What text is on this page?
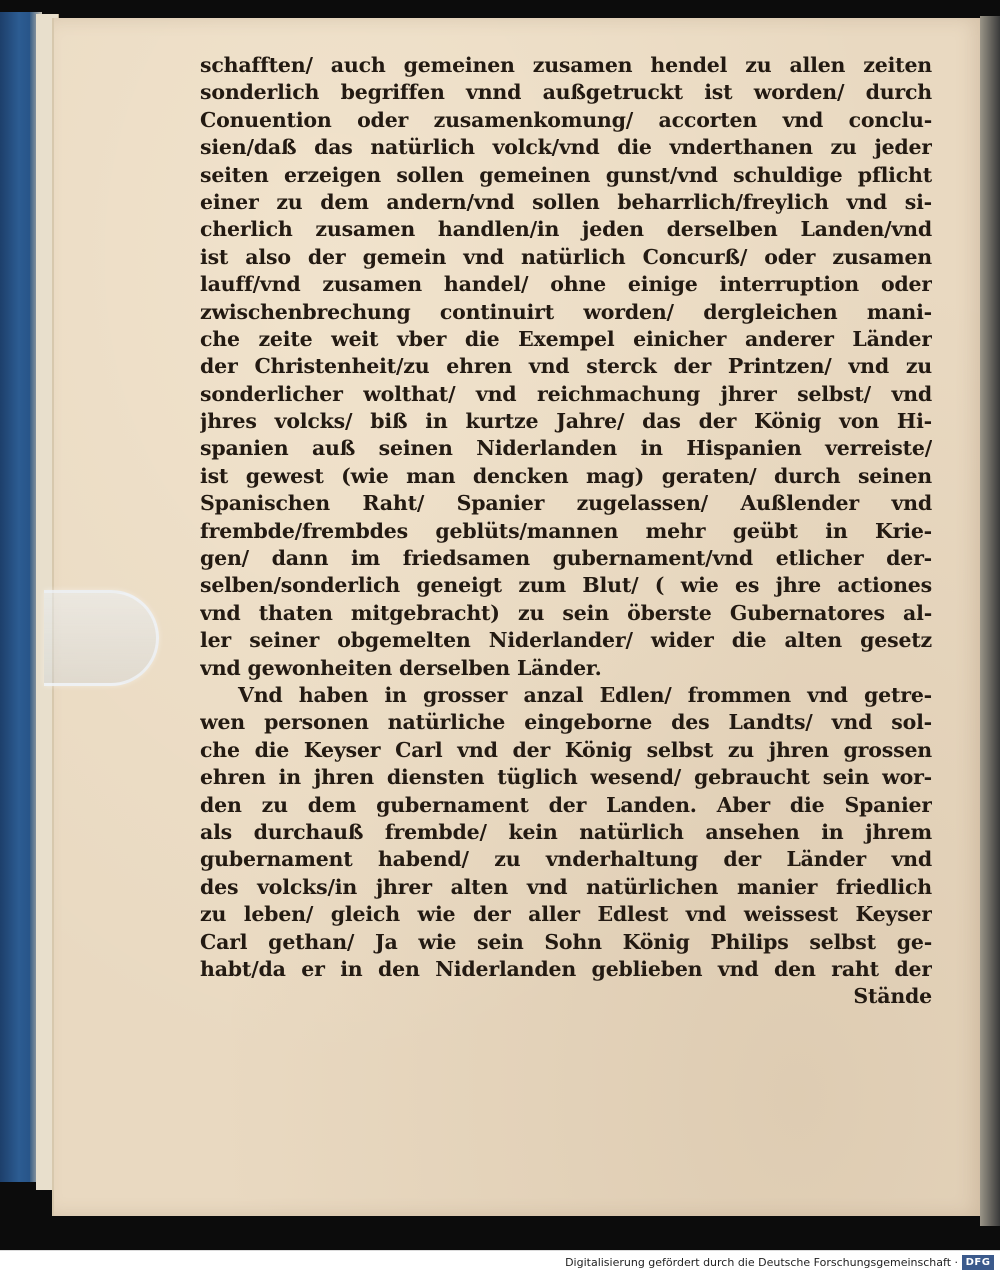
schafften/ auch gemeinen zusamen hendel zu allen zeiten
sonderlich begriffen vnnd außgetruckt ist worden/ durch
Conuention oder zusamenkomung/ accorten vnd conclu-
sien/daß das natürlich volck/vnd die vnderthanen zu jeder
seiten erzeigen sollen gemeinen gunst/vnd schuldige pflicht
einer zu dem andern/vnd sollen beharrlich/freylich vnd si-
cherlich zusamen handlen/in jeden derselben Landen/vnd
ist also der gemein vnd natürlich Concurß/ oder zusamen
lauff/vnd zusamen handel/ ohne einige interruption oder
zwischenbrechung continuirt worden/ dergleichen mani-
che zeite weit vber die Exempel einicher anderer Länder
der Christenheit/zu ehren vnd sterck der Printzen/ vnd zu
sonderlicher wolthat/ vnd reichmachung jhrer selbst/ vnd
jhres volcks/ biß in kurtze Jahre/ das der König von Hi-
spanien auß seinen Niderlanden in Hispanien verreiste/
ist gewest (wie man dencken mag) geraten/ durch seinen
Spanischen Raht/ Spanier zugelassen/ Außlender vnd
frembde/frembdes geblüts/mannen mehr geübt in Krie-
gen/ dann im friedsamen gubernament/vnd etlicher der-
selben/sonderlich geneigt zum Blut/ ( wie es jhre actiones
vnd thaten mitgebracht) zu sein öberste Gubernatores al-
ler seiner obgemelten Niderlander/ wider die alten gesetz
vnd gewonheiten derselben Länder.
Vnd haben in grosser anzal Edlen/ frommen vnd getre-
wen personen natürliche eingeborne des Landts/ vnd sol-
che die Keyser Carl vnd der König selbst zu jhren grossen
ehren in jhren diensten tüglich wesend/ gebraucht sein wor-
den zu dem gubernament der Landen. Aber die Spanier
als durchauß frembde/ kein natürlich ansehen in jhrem
gubernament habend/ zu vnderhaltung der Länder vnd
des volcks/in jhrer alten vnd natürlichen manier friedlich
zu leben/ gleich wie der aller Edlest vnd weissest Keyser
Carl gethan/ Ja wie sein Sohn König Philips selbst ge-
habt/da er in den Niderlanden geblieben vnd den raht der
Stände
Digitalisierung gefördert durch die Deutsche Forschungsgemeinschaft · DFG
